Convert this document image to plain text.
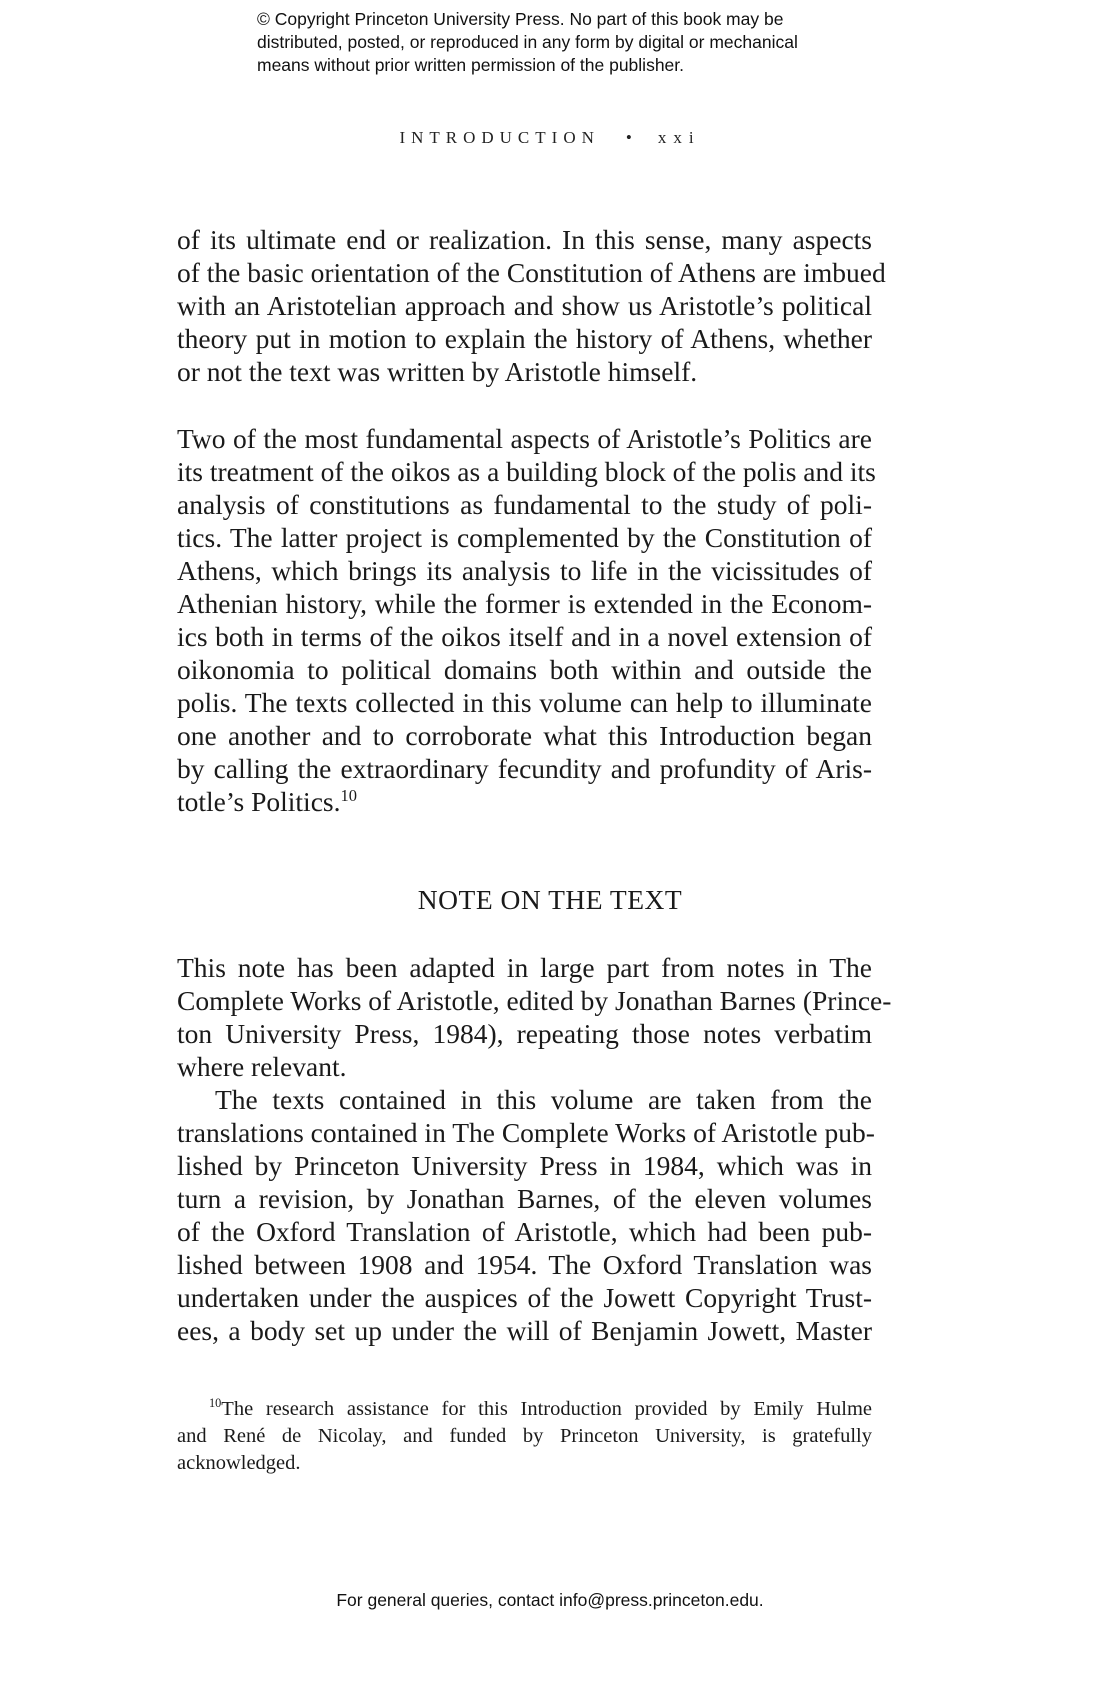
© Copyright Princeton University Press. No part of this book may be
distributed, posted, or reproduced in any form by digital or mechanical
means without prior written permission of the publisher.
INTRODUCTION • xxi
of its ultimate end or realization. In this sense, many aspects
of the basic orientation of the Constitution of Athens are imbued
with an Aristotelian approach and show us Aristotle’s political
theory put in motion to explain the history of Athens, whether
or not the text was written by Aristotle himself.
Two of the most fundamental aspects of Aristotle’s Politics are
its treatment of the oikos as a building block of the polis and its
analysis of constitutions as fundamental to the study of poli-
tics. The latter project is complemented by the Constitution of
Athens, which brings its analysis to life in the vicissitudes of
Athenian history, while the former is extended in the Econom-
ics both in terms of the oikos itself and in a novel extension of
oikonomia to political domains both within and outside the
polis. The texts collected in this volume can help to illuminate
one another and to corroborate what this Introduction began
by calling the extraordinary fecundity and profundity of Aris-
totle’s Politics.$^{10}$
NOTE ON THE TEXT
This note has been adapted in large part from notes in The
Complete Works of Aristotle, edited by Jonathan Barnes (Prince-
ton University Press, 1984), repeating those notes verbatim
where relevant.
The texts contained in this volume are taken from the
translations contained in The Complete Works of Aristotle pub-
lished by Princeton University Press in 1984, which was in
turn a revision, by Jonathan Barnes, of the eleven volumes
of the Oxford Translation of Aristotle, which had been pub-
lished between 1908 and 1954. The Oxford Translation was
undertaken under the auspices of the Jowett Copyright Trust-
ees, a body set up under the will of Benjamin Jowett, Master
$^{10}$The research assistance for this Introduction provided by Emily Hulme
and René de Nicolay, and funded by Princeton University, is gratefully
acknowledged.
For general queries, contact info@press.princeton.edu.
